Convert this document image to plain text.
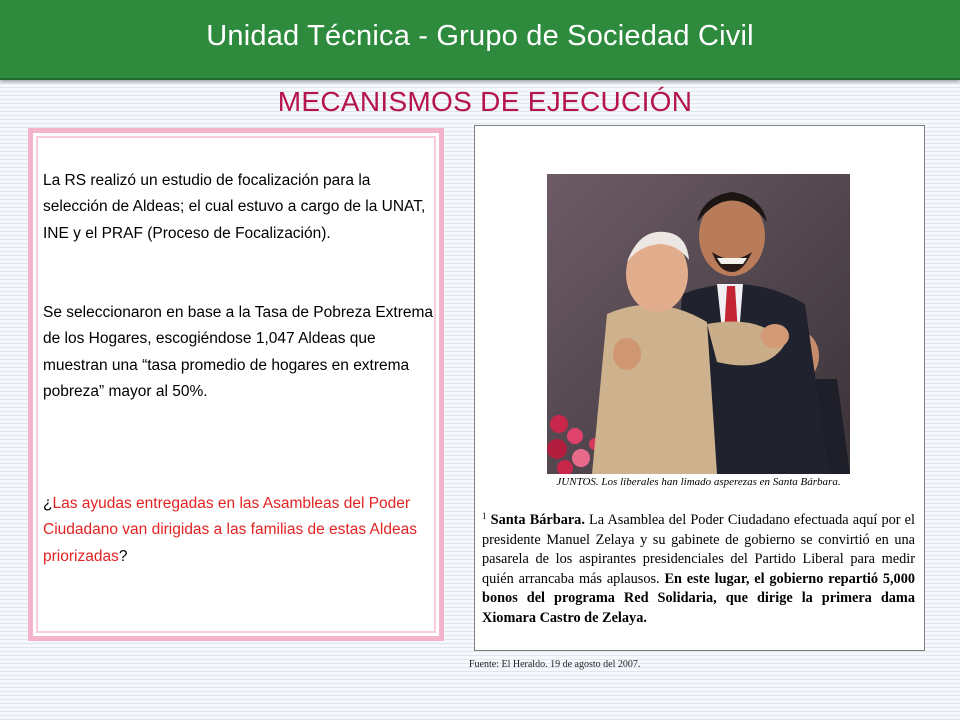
Unidad Técnica - Grupo de Sociedad Civil
MECANISMOS DE EJECUCIÓN

La RS realizó un estudio de focalización para la selección de Aldeas; el cual estuvo a cargo de la UNAT, INE y el PRAF (Proceso de Focalización).

Se seleccionaron en base a la Tasa de Pobreza Extrema de los Hogares, escogiéndose 1,047 Aldeas que muestran una “tasa promedio de hogares en extrema pobreza” mayor al 50%.

¿Las ayudas entregadas en las Asambleas del Poder Ciudadano van dirigidas a las familias de estas Aldeas priorizadas?

JUNTOS. Los liberales han limado asperezas en Santa Bárbara.
$^1$ Santa Bárbara. La Asamblea del Poder Ciudadano efectuada aquí por el presidente Manuel Zelaya y su gabinete de gobierno se convirtió en una pasarela de los aspirantes presidenciales del Partido Liberal para medir quién arrancaba más aplausos. En este lugar, el gobierno repartió 5,000 bonos del programa Red Solidaria, que dirige la primera dama Xiomara Castro de Zelaya.
Fuente: El Heraldo. 19 de agosto del 2007.
